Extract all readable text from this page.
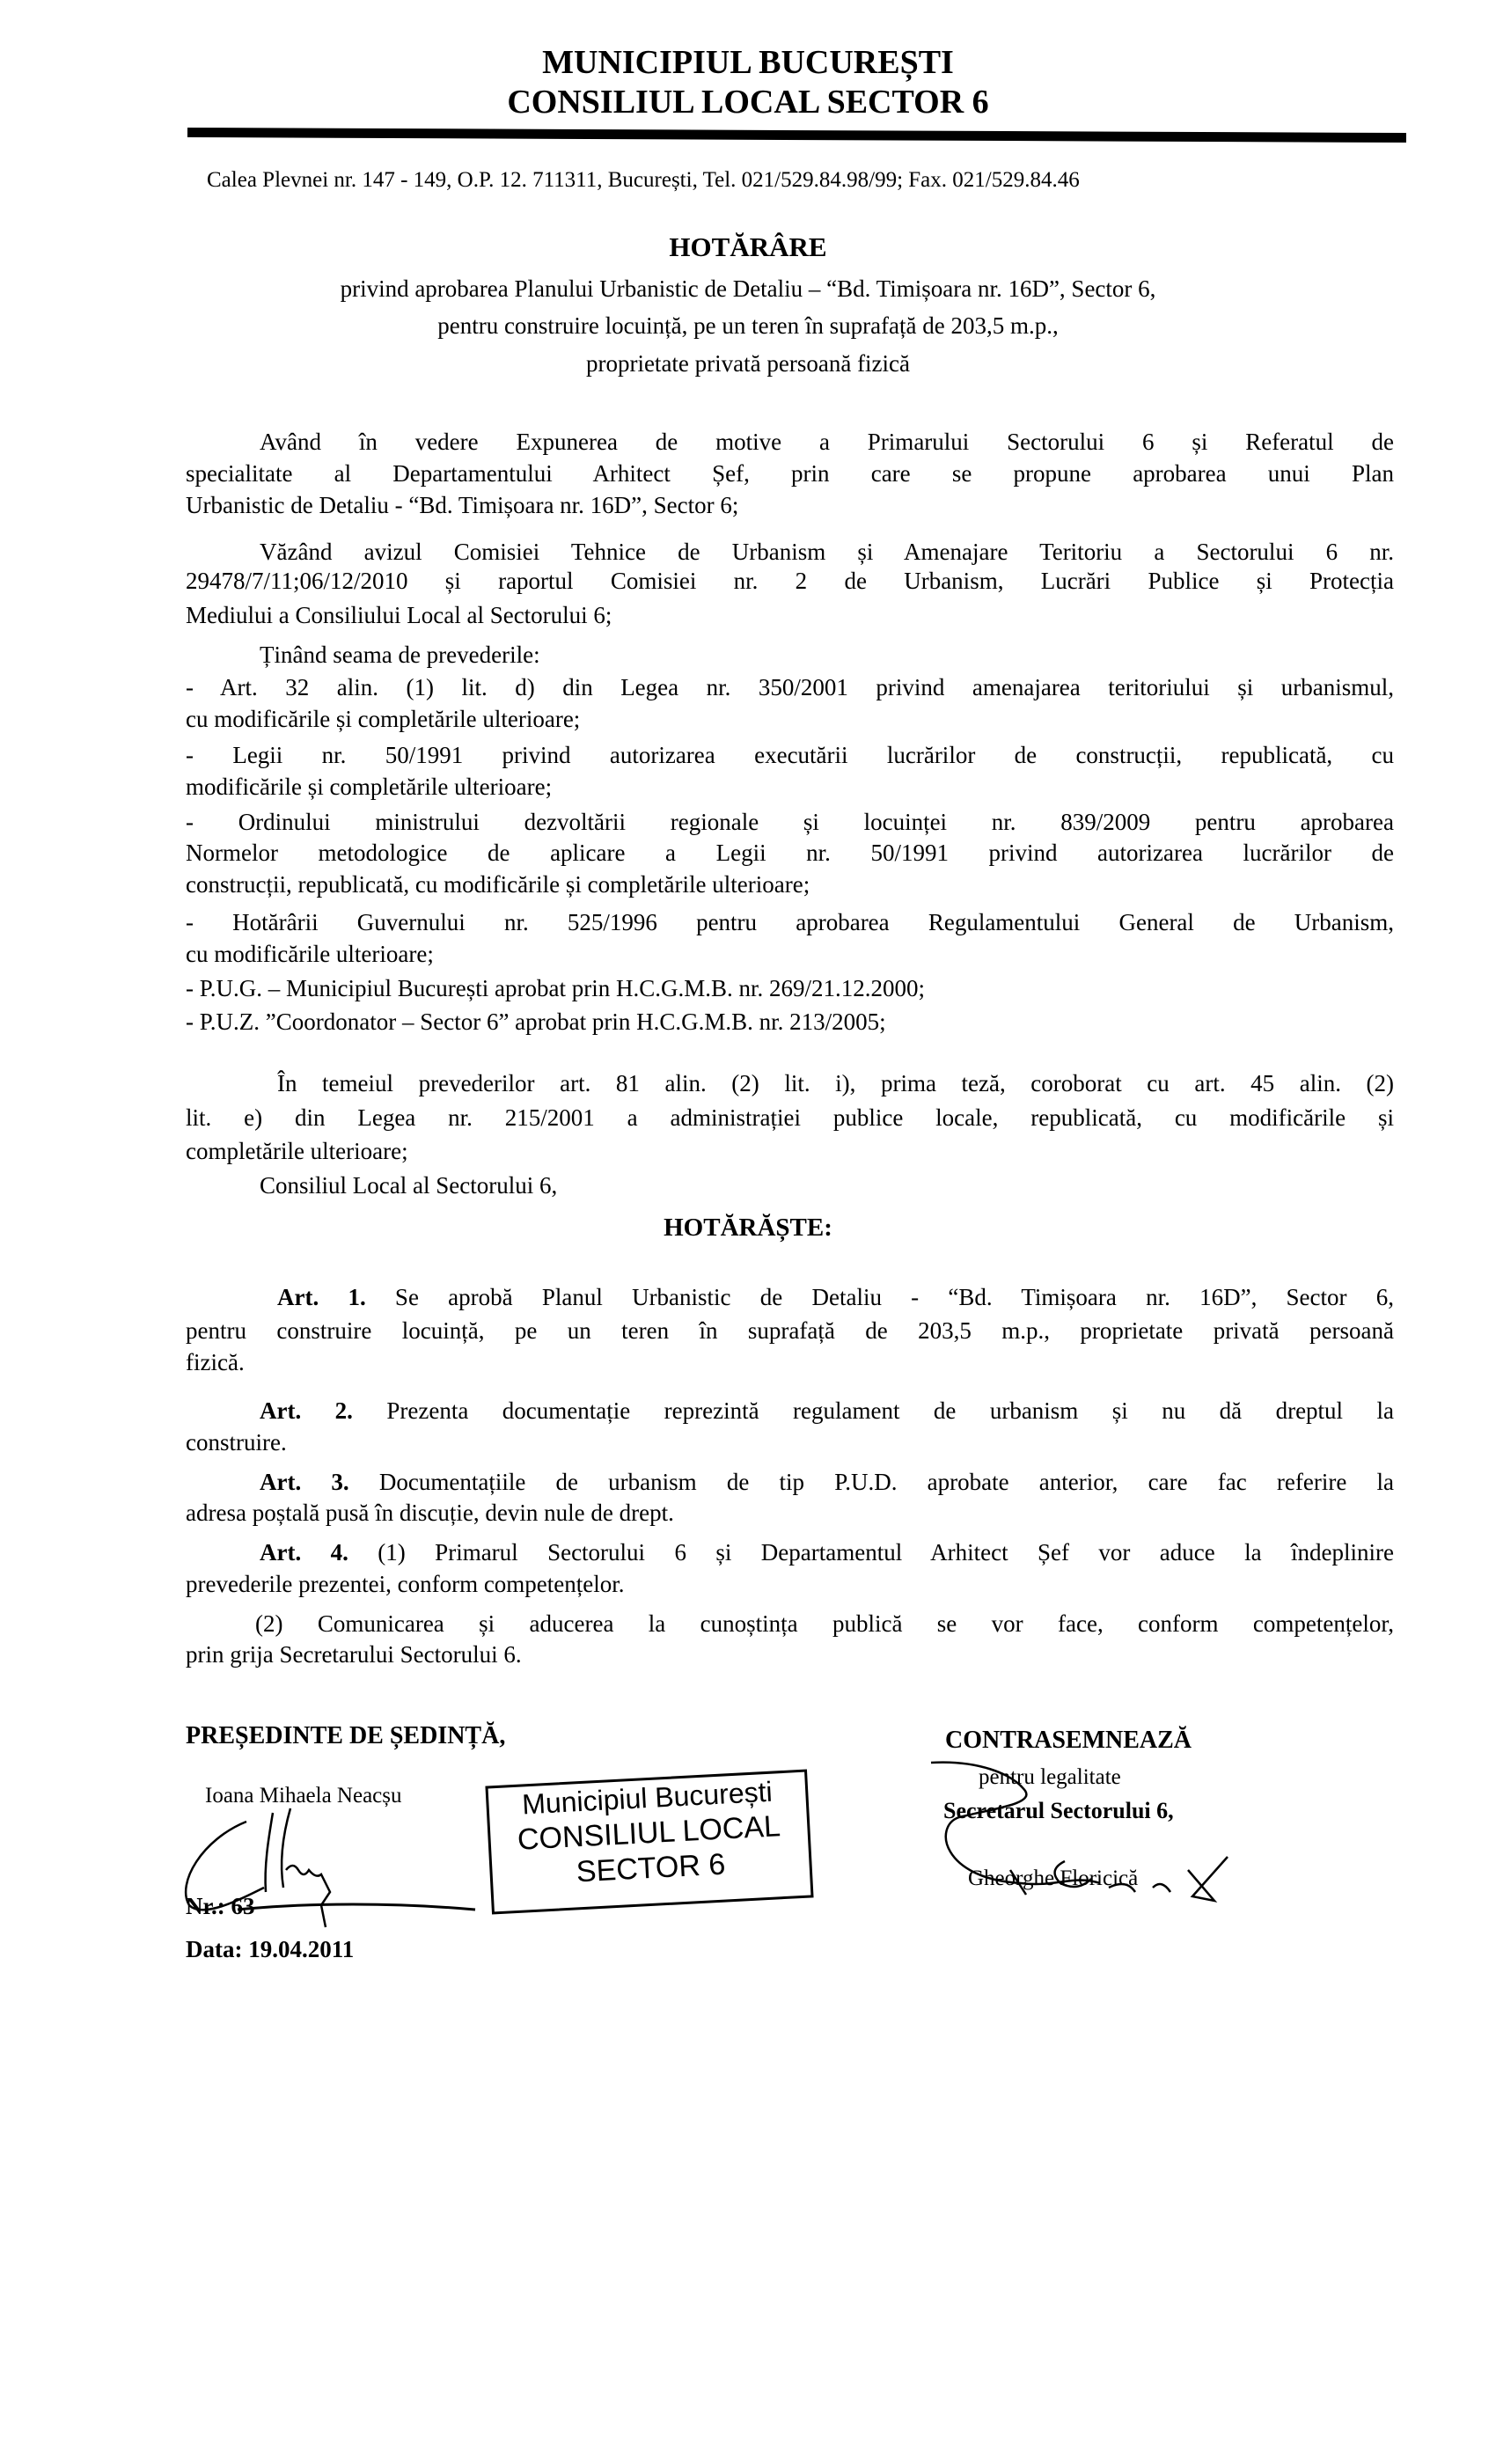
MUNICIPIUL BUCUREȘTI
CONSILIUL LOCAL SECTOR 6
Calea Plevnei nr. 147 - 149, O.P. 12. 711311, București, Tel. 021/529.84.98/99; Fax. 021/529.84.46
HOTĂRÂRE
privind aprobarea Planului Urbanistic de Detaliu – “Bd. Timișoara nr. 16D”, Sector 6,
pentru construire locuință, pe un teren în suprafață de 203,5 m.p.,
proprietate privată persoană fizică
Având în vedere Expunerea de motive a Primarului Sectorului 6 și Referatul de
specialitate al Departamentului Arhitect Șef, prin care se propune aprobarea unui Plan
Urbanistic de Detaliu - “Bd. Timișoara nr. 16D”, Sector 6;
Văzând avizul Comisiei Tehnice de Urbanism și Amenajare Teritoriu a Sectorului 6 nr.
29478/7/11;06/12/2010 și raportul Comisiei nr. 2 de Urbanism, Lucrări Publice și Protecția
Mediului a Consiliului Local al Sectorului 6;
Ținând seama de prevederile:
- Art. 32 alin. (1) lit. d) din Legea nr. 350/2001 privind amenajarea teritoriului și urbanismul,
cu modificările și completările ulterioare;
- Legii nr. 50/1991 privind autorizarea executării lucrărilor de construcții, republicată, cu
modificările și completările ulterioare;
- Ordinului ministrului dezvoltării regionale și locuinței nr. 839/2009 pentru aprobarea
Normelor metodologice de aplicare a Legii nr. 50/1991 privind autorizarea lucrărilor de
construcții, republicată, cu modificările și completările ulterioare;
- Hotărârii Guvernului nr. 525/1996 pentru aprobarea Regulamentului General de Urbanism,
cu modificările ulterioare;
- P.U.G. – Municipiul București aprobat prin H.C.G.M.B. nr. 269/21.12.2000;
- P.U.Z. ”Coordonator – Sector 6” aprobat prin H.C.G.M.B. nr. 213/2005;
În temeiul prevederilor art. 81 alin. (2) lit. i), prima teză, coroborat cu art. 45 alin. (2)
lit. e) din Legea nr. 215/2001 a administrației publice locale, republicată, cu modificările și
completările ulterioare;
Consiliul Local al Sectorului 6,
HOTĂRĂȘTE:
Art. 1. Se aprobă Planul Urbanistic de Detaliu - “Bd. Timișoara nr. 16D”, Sector 6,
pentru construire locuință, pe un teren în suprafață de 203,5 m.p., proprietate privată persoană
fizică.
Art. 2. Prezenta documentație reprezintă regulament de urbanism și nu dă dreptul la
construire.
Art. 3. Documentațiile de urbanism de tip P.U.D. aprobate anterior, care fac referire la
adresa poștală pusă în discuție, devin nule de drept.
Art. 4. (1) Primarul Sectorului 6 și Departamentul Arhitect Șef vor aduce la îndeplinire
prevederile prezentei, conform competențelor.
(2) Comunicarea și aducerea la cunoștința publică se vor face, conform competențelor,
prin grija Secretarului Sectorului 6.
PREȘEDINTE DE ȘEDINȚĂ,
Ioana Mihaela Neacșu
Nr.: 63
Data: 19.04.2011
Municipiul București
CONSILIUL LOCAL
SECTOR 6
CONTRASEMNEAZĂ
pentru legalitate
Secretarul Sectorului 6,
Gheorghe Floricică
